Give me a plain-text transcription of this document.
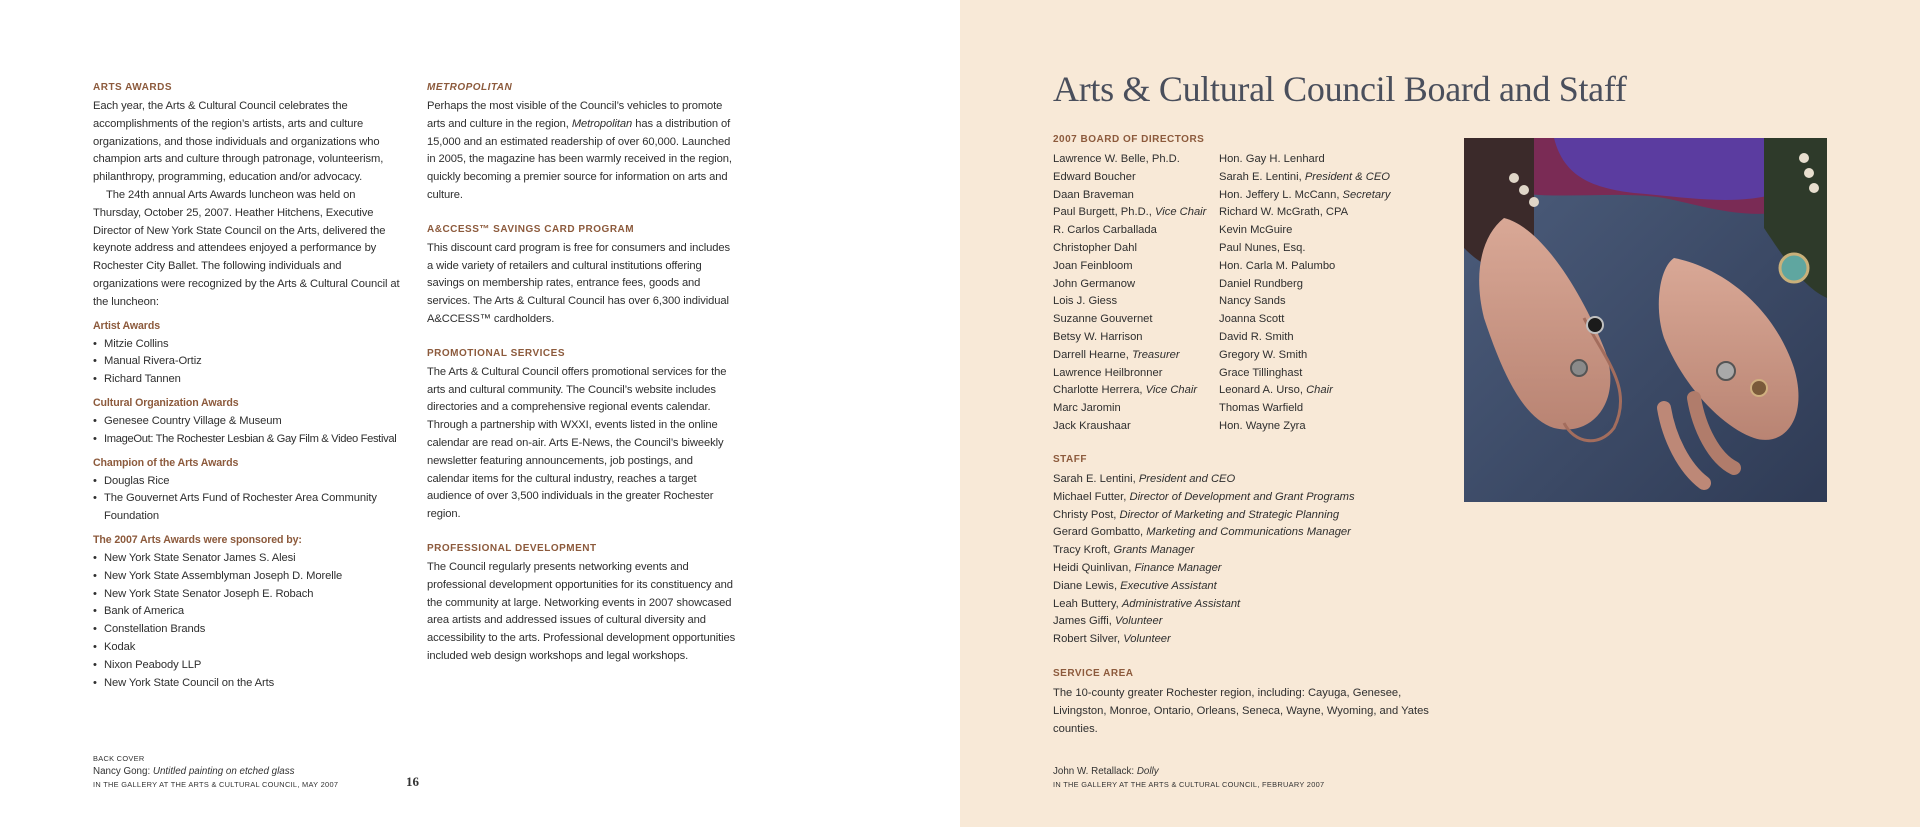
ARTS AWARDS

Each year, the Arts & Cultural Council celebrates the accomplishments of the region’s artists, arts and culture organizations, and those individuals and organizations who champion arts and culture through patronage, volunteerism, philanthropy, programming, education and/or advocacy.

The 24th annual Arts Awards luncheon was held on Thursday, October 25, 2007. Heather Hitchens, Executive Director of New York State Council on the Arts, delivered the keynote address and attendees enjoyed a performance by Rochester City Ballet. The following individuals and organizations were recognized by the Arts & Cultural Council at the luncheon:

Artist Awards
• Mitzie Collins
• Manual Rivera-Ortiz
• Richard Tannen
Cultural Organization Awards
• Genesee Country Village & Museum
• ImageOut: The Rochester Lesbian & Gay Film & Video Festival
Champion of the Arts Awards
• Douglas Rice
• The Gouvernet Arts Fund of Rochester Area Community Foundation
The 2007 Arts Awards were sponsored by:
• New York State Senator James S. Alesi
• New York State Assemblyman Joseph D. Morelle
• New York State Senator Joseph E. Robach
• Bank of America
• Constellation Brands
• Kodak
• Nixon Peabody LLP
• New York State Council on the Arts
METROPOLITAN

Perhaps the most visible of the Council’s vehicles to promote arts and culture in the region, Metropolitan has a distribution of 15,000 and an estimated readership of over 60,000. Launched in 2005, the magazine has been warmly received in the region, quickly becoming a premier source for information on arts and culture.

A&CCESS™ SAVINGS CARD PROGRAM

This discount card program is free for consumers and includes a wide variety of retailers and cultural institutions offering savings on membership rates, entrance fees, goods and services. The Arts & Cultural Council has over 6,300 individual A&CCESS™ cardholders.

PROMOTIONAL SERVICES

The Arts & Cultural Council offers promotional services for the arts and cultural community. The Council’s website includes directories and a comprehensive regional events calendar. Through a partnership with WXXI, events listed in the online calendar are read on-air. Arts E-News, the Council’s biweekly newsletter featuring announcements, job postings, and calendar items for the cultural industry, reaches a target audience of over 3,500 individuals in the greater Rochester region.

PROFESSIONAL DEVELOPMENT

The Council regularly presents networking events and professional development opportunities for its constituency and the community at large. Networking events in 2007 showcased area artists and addressed issues of cultural diversity and accessibility to the arts. Professional development opportunities included web design workshops and legal workshops.

BACK COVER
Nancy Gong: Untitled painting on etched glass
IN THE GALLERY AT THE ARTS & CULTURAL COUNCIL, MAY 2007	16
Arts & Cultural Council Board and Staff
2007 BOARD OF DIRECTORS
Lawrence W. Belle, Ph.D.
Edward Boucher
Daan Braveman
Paul Burgett, Ph.D., Vice Chair
R. Carlos Carballada
Christopher Dahl
Joan Feinbloom
John Germanow
Lois J. Giess
Suzanne Gouvernet
Betsy W. Harrison
Darrell Hearne, Treasurer
Lawrence Heilbronner
Charlotte Herrera, Vice Chair
Marc Jaromin
Jack Kraushaar
Hon. Gay H. Lenhard
Sarah E. Lentini, President & CEO
Hon. Jeffery L. McCann, Secretary
Richard W. McGrath, CPA
Kevin McGuire
Paul Nunes, Esq.
Hon. Carla M. Palumbo
Daniel Rundberg
Nancy Sands
Joanna Scott
David R. Smith
Gregory W. Smith
Grace Tillinghast
Leonard A. Urso, Chair
Thomas Warfield
Hon. Wayne Zyra
STAFF
Sarah E. Lentini, President and CEO
Michael Futter, Director of Development and Grant Programs
Christy Post, Director of Marketing and Strategic Planning
Gerard Gombatto, Marketing and Communications Manager
Tracy Kroft, Grants Manager
Heidi Quinlivan, Finance Manager
Diane Lewis, Executive Assistant
Leah Buttery, Administrative Assistant
James Giffi, Volunteer
Robert Silver, Volunteer
SERVICE AREA
The 10-county greater Rochester region, including: Cayuga, Genesee, Livingston, Monroe, Ontario, Orleans, Seneca, Wayne, Wyoming, and Yates counties.
John W. Retallack: Dolly
IN THE GALLERY AT THE ARTS & CULTURAL COUNCIL, FEBRUARY 2007
